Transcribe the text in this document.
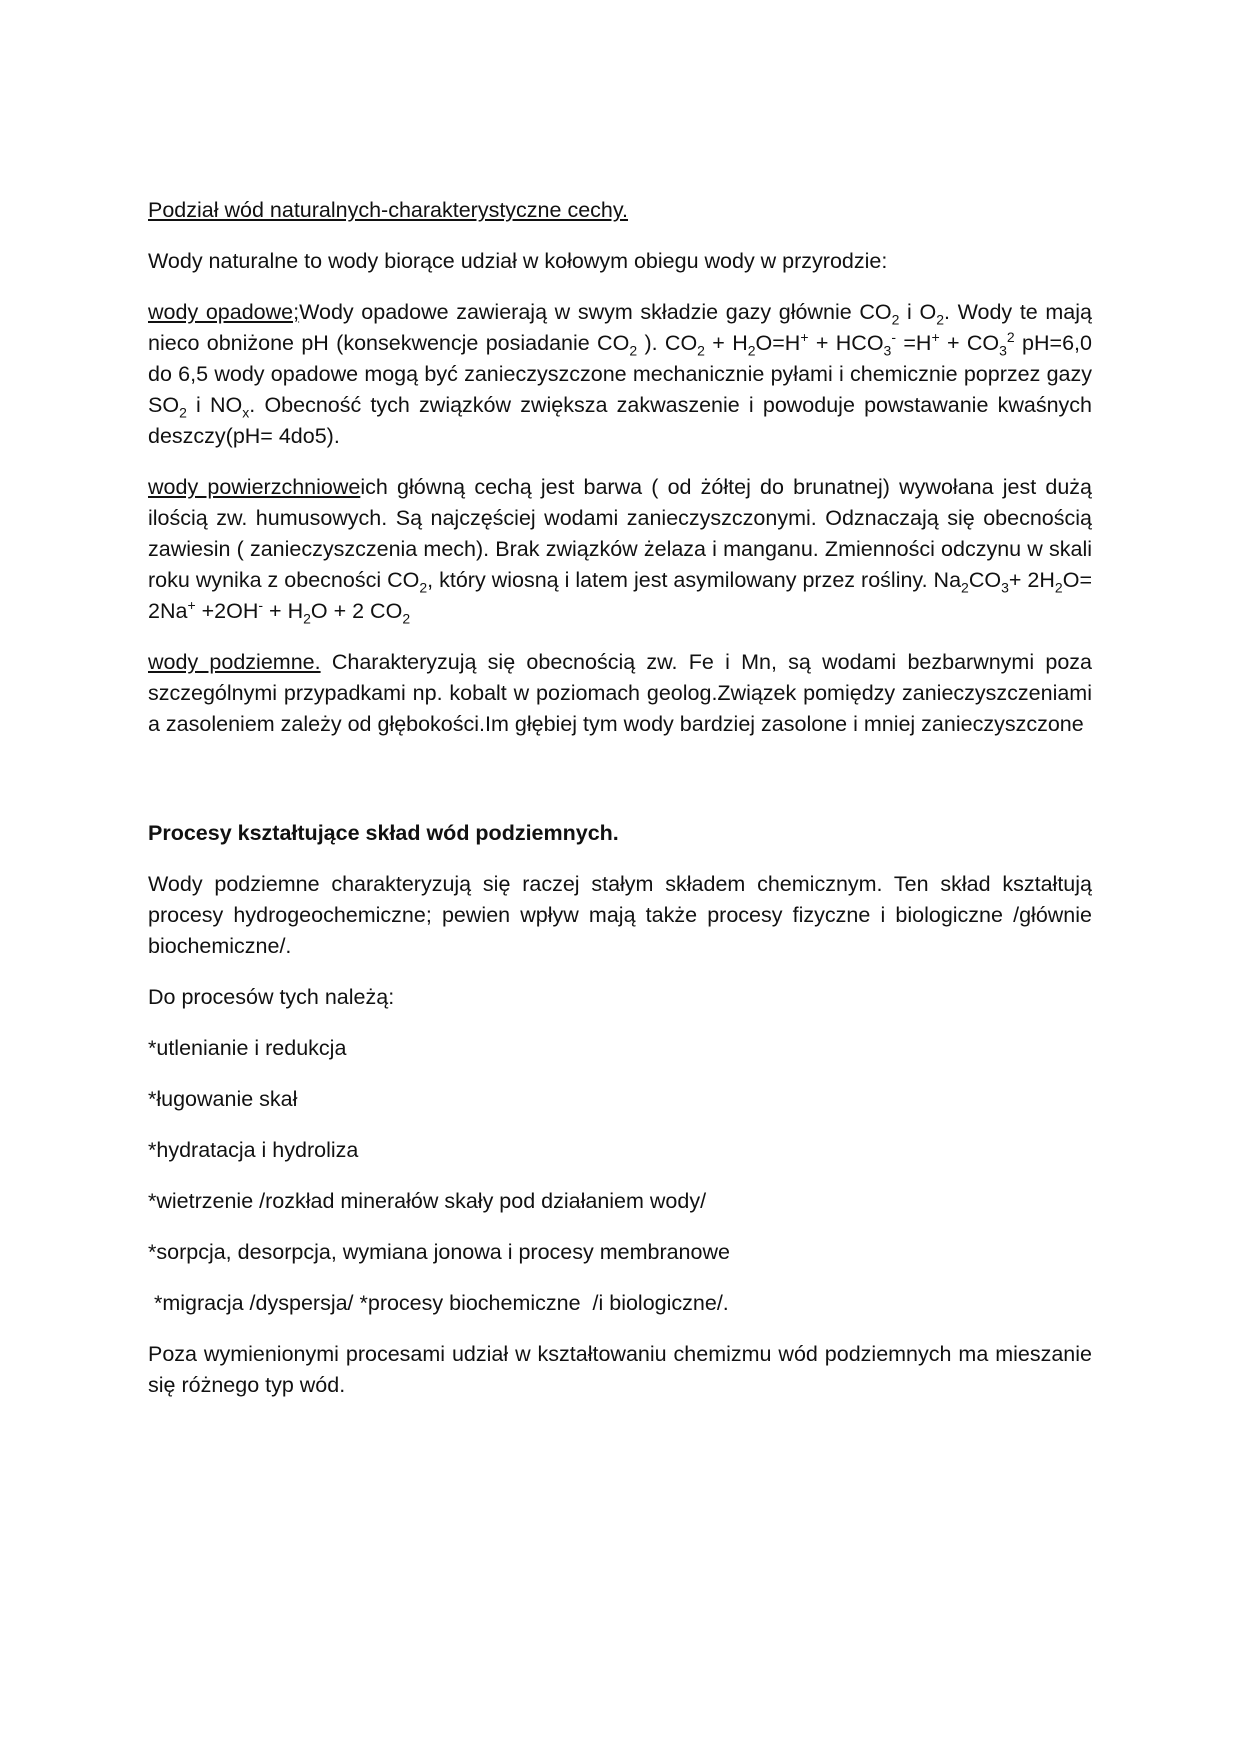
Podział wód naturalnych-charakterystyczne cechy.

Wody naturalne to wody biorące udział w kołowym obiegu wody w przyrodzie:

wody opadowe;Wody opadowe zawierają w swym składzie gazy głównie $CO_2$ i $O_2$. Wody te mają nieco obniżone pH (konsekwencje posiadanie $CO_2$ ). $CO_2 + H_2O=H^+ + HCO_3^- =H^+ + CO_3^2$ pH=6,0 do 6,5 wody opadowe mogą być zanieczyszczone mechanicznie pyłami i chemicznie poprzez gazy $SO_2$ i $NO_x$. Obecność tych związków zwiększa zakwaszenie i powoduje powstawanie kwaśnych deszczy(pH= 4do5).

wody powierzchnioweich główną cechą jest barwa ( od żółtej do brunatnej) wywołana jest dużą ilością zw. humusowych. Są najczęściej wodami zanieczyszczonymi. Odznaczają się obecnością zawiesin ( zanieczyszczenia mech). Brak związków żelaza i manganu. Zmienności odczynu w skali roku wynika z obecności $CO_2$, który wiosną i latem jest asymilowany przez rośliny. $Na_2CO_3+ 2H_2O= 2Na^+ +2OH^- + H_2O + 2$ $CO_2$

wody podziemne. Charakteryzują się obecnością zw. Fe i Mn, są wodami bezbarwnymi poza szczególnymi przypadkami np. kobalt w poziomach geolog.Związek pomiędzy zanieczyszczeniami a zasoleniem zależy od głębokości.Im głębiej tym wody bardziej zasolone i mniej zanieczyszczone

Procesy kształtujące skład wód podziemnych.

Wody podziemne charakteryzują się raczej stałym składem chemicznym. Ten skład kształtują procesy hydrogeochemiczne; pewien wpływ mają także procesy fizyczne i biologiczne /głównie biochemiczne/.

Do procesów tych należą:

*utlenianie i redukcja
*ługowanie skał
*hydratacja i hydroliza
*wietrzenie /rozkład minerałów skały pod działaniem wody/
*sorpcja, desorpcja, wymiana jonowa i procesy membranowe
*migracja /dyspersja/ *procesy biochemiczne  /i biologiczne/.

Poza wymienionymi procesami udział w kształtowaniu chemizmu wód podziemnych ma mieszanie się różnego typ wód.
